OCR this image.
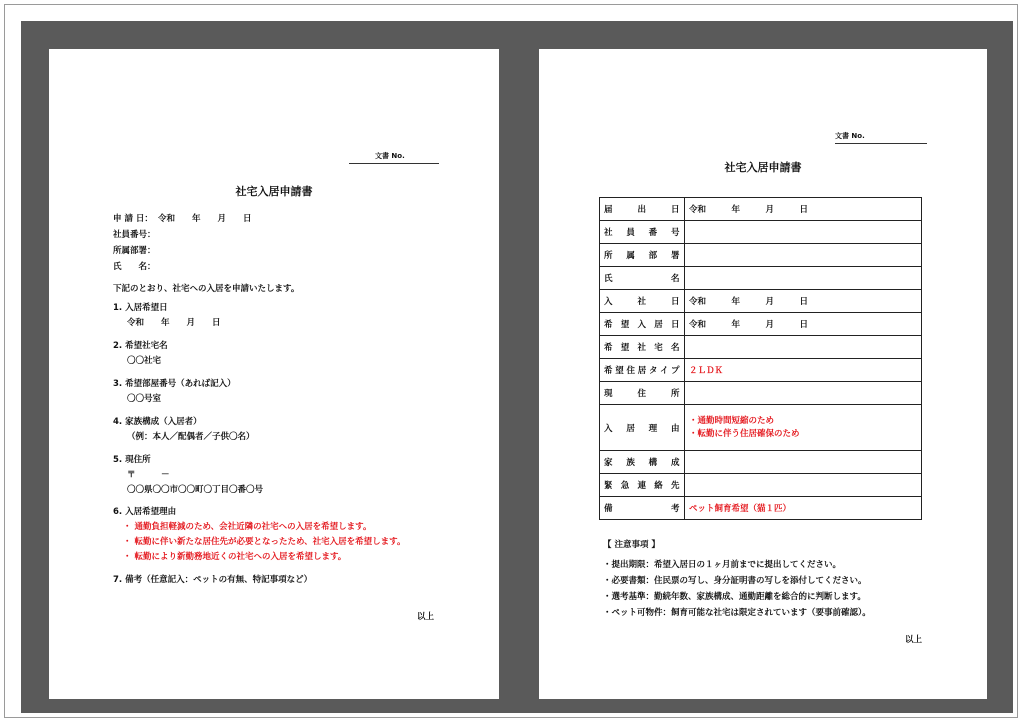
文書 No.
社宅入居申請書
申 請 日： 令和　　年　　月　　日
社員番号：
所属部署：
氏　　名：
下記のとおり、社宅への入居を申請いたします。
1. 入居希望日
令和　　年　　月　　日
2. 希望社宅名
〇〇社宅
3. 希望部屋番号（あれば記入）
〇〇号室
4. 家族構成（入居者）
（例：本人／配偶者／子供〇名）
5. 現住所
〒　　　－
〇〇県〇〇市〇〇町〇丁目〇番〇号
6. 入居希望理由
・ 通勤負担軽減のため、会社近隣の社宅への入居を希望します。
・ 転勤に伴い新たな居住先が必要となったため、社宅入居を希望します。
・ 転勤により新勤務地近くの社宅への入居を希望します。
7. 備考（任意記入：ペットの有無、特記事項など）
以上
文書 No.
社宅入居申請書
届出日	令和　　　年　　　月　　　日
社員番号	
所属部署	
氏名	
入社日	令和　　　年　　　月　　　日
希望入居日	令和　　　年　　　月　　　日
希望社宅名	
希望住居タイプ	２ＬＤＫ
現住所	
入居理由	・通勤時間短縮のため
・転勤に伴う住居確保のため

家族構成	
緊急連絡先	
備考	ペット飼育希望（猫１匹）
【 注意事項 】
・提出期限：希望入居日の１ヶ月前までに提出してください。
・必要書類：住民票の写し、身分証明書の写しを添付してください。
・選考基準：勤続年数、家族構成、通勤距離を総合的に判断します。
・ペット可物件：飼育可能な社宅は限定されています（要事前確認）。
以上
